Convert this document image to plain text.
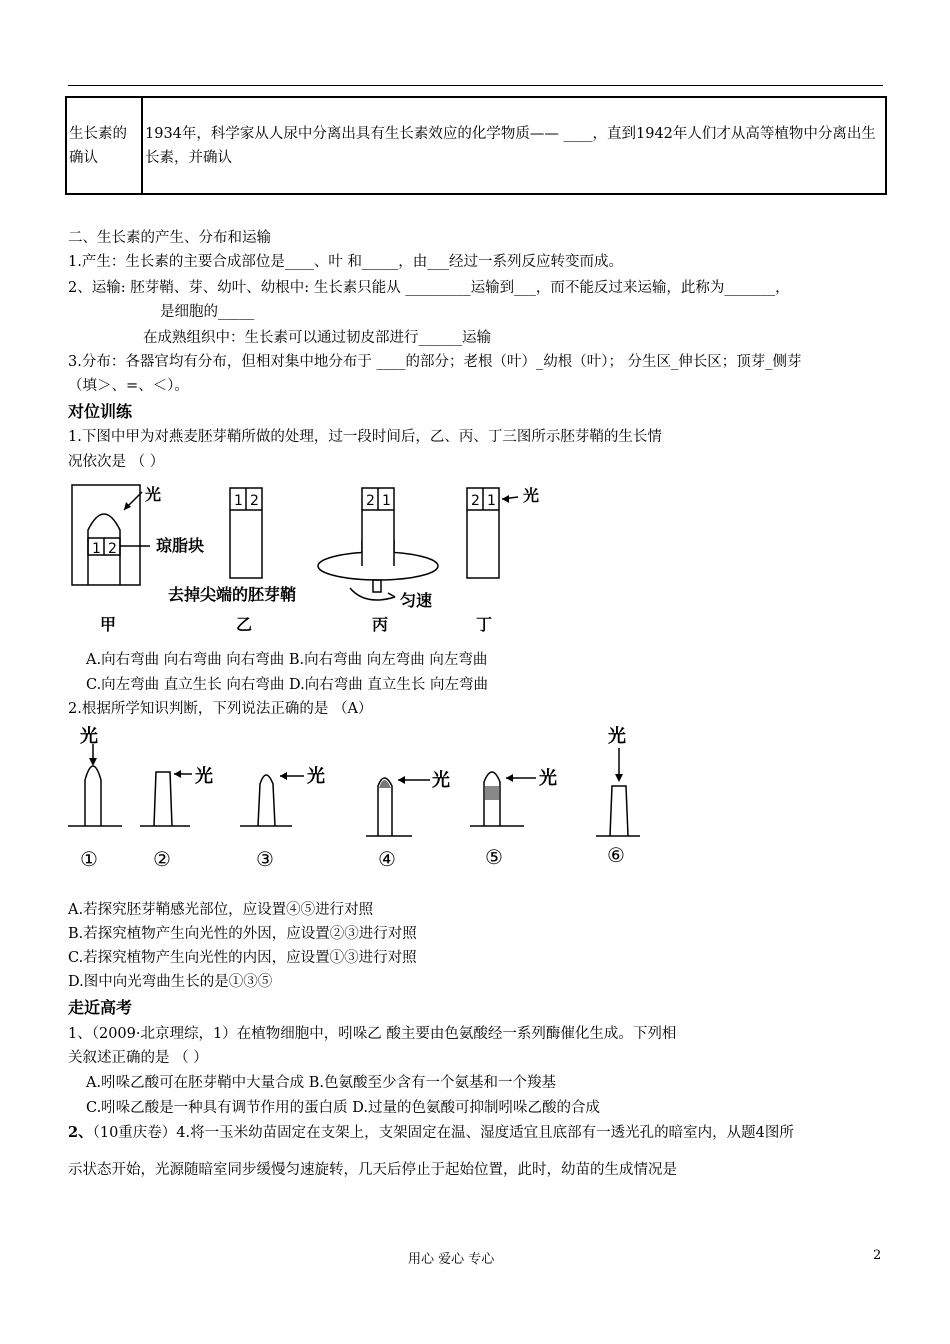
生长素的确认	1934年，科学家从人尿中分离出具有生长素效应的化学物质—— ____，直到1942年人们才从高等植物中分离出生长素，并确认
二、生长素的产生、分布和运输
1.产生：生长素的主要合成部位是____、叶 和_____，由___经过一系列反应转变而成。
2、运输: 胚芽鞘、芽、幼叶、幼根中: 生长素只能从 _________运输到___，而不能反过来运输，此称为_______，
是细胞的_____
在成熟组织中：生长素可以通过韧皮部进行______运输
3.分布：各器官均有分布，但相对集中地分布于 ____的部分；老根（叶）_幼根（叶）； 分生区_伸长区；顶芽_侧芽
（填＞、=、＜）。
对位训练
1.下图中甲为对燕麦胚芽鞘所做的处理，过一段时间后，乙、丙、丁三图所示胚芽鞘的生长情
况依次是 （ ）
光
琼脂块
1 2
1 2	2 1	2 1 光
去掉尖端的胚芽鞘	匀速
甲	乙	丙	丁
A.向右弯曲 向右弯曲 向右弯曲 B.向右弯曲 向左弯曲 向左弯曲
C.向左弯曲 直立生长 向右弯曲 D.向右弯曲 直立生长 向左弯曲
2.根据所学知识判断，下列说法正确的是 （A）
光
光	光	光	光
光
①	②	③	④	⑤	⑥
A.若探究胚芽鞘感光部位，应设置④⑤进行对照
B.若探究植物产生向光性的外因，应设置②③进行对照
C.若探究植物产生向光性的内因，应设置①③进行对照
D.图中向光弯曲生长的是①③⑤
走近高考
1、（2009·北京理综，1）在植物细胞中，吲哚乙 酸主要由色氨酸经一系列酶催化生成。下列相
关叙述正确的是 （ ）
A.吲哚乙酸可在胚芽鞘中大量合成 B.色氨酸至少含有一个氨基和一个羧基
C.吲哚乙酸是一种具有调节作用的蛋白质 D.过量的色氨酸可抑制吲哚乙酸的合成
2、（10重庆卷）4.将一玉米幼苗固定在支架上，支架固定在温、湿度适宜且底部有一透光孔的暗室内，从题4图所
示状态开始，光源随暗室同步缓慢匀速旋转，几天后停止于起始位置，此时，幼苗的生成情况是
用心 爱心 专心	2
